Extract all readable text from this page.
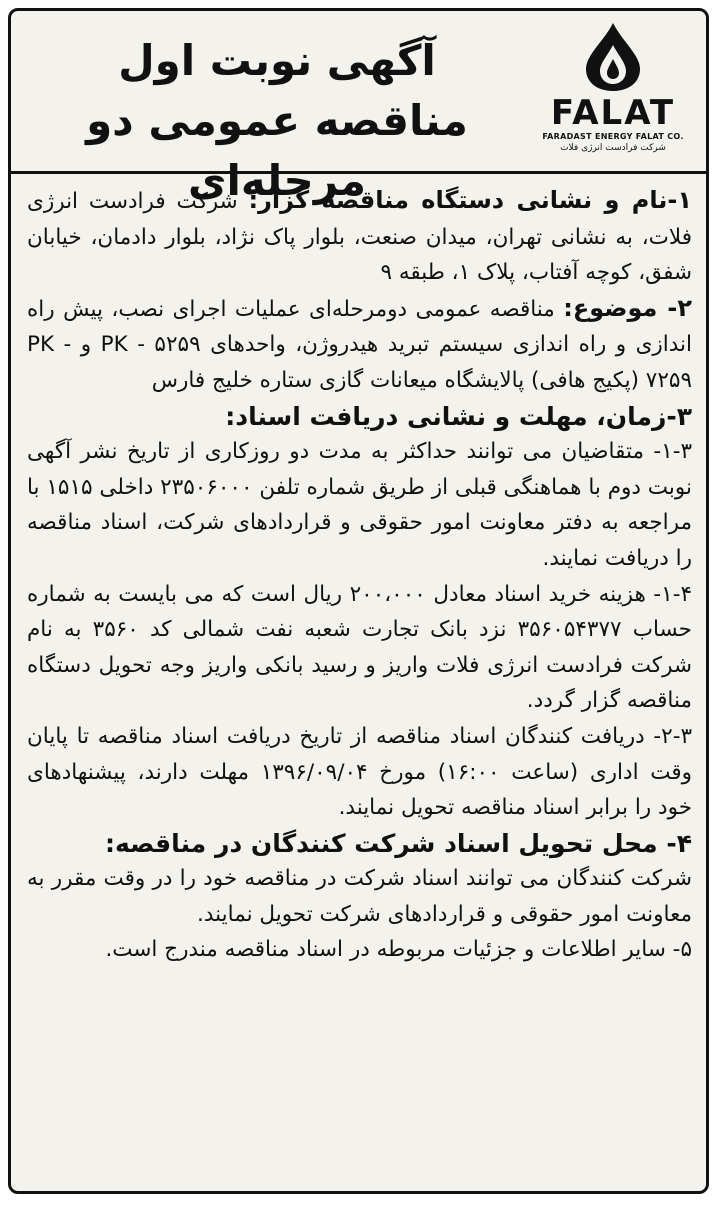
FALAT
FARADAST ENERGY FALAT CO.
شرکت فرادست انرژی فلات
آگهی نوبت اول
مناقصه عمومی دو مرحله‌ای

۱-نام و نشانی دستگاه مناقصه گزار: شرکت فرادست انرژی فلات، به نشانی تهران، میدان صنعت، بلوار پاک نژاد، بلوار دادمان، خیابان شفق، کوچه آفتاب، پلاک ۱، طبقه ۹

۲- موضوع: مناقصه عمومی دومرحله‌ای عملیات اجرای نصب، پیش راه اندازی و راه اندازی سیستم تبرید هیدروژن، واحدهای PK - ۵۲۵۹ و PK - ۷۲۵۹ (پکیج هافی) پالایشگاه میعانات گازی ستاره خلیج فارس

۳-زمان، مهلت و نشانی دریافت اسناد:

۱-۳- متقاضیان می توانند حداکثر به مدت دو روزکاری از تاریخ نشر آگهی نوبت دوم با هماهنگی قبلی از طریق شماره تلفن ۲۳۵۰۶۰۰۰ داخلی ۱۵۱۵ با مراجعه به دفتر معاونت امور حقوقی و قراردادهای شرکت، اسناد مناقصه را دریافت نمایند.

۱-۴- هزینه خرید اسناد معادل ۲۰۰،۰۰۰ ریال است که می بایست به شماره حساب ۳۵۶۰۵۴۳۷۷ نزد بانک تجارت شعبه نفت شمالی کد ۳۵۶۰ به نام شرکت فرادست انرژی فلات واریز و رسید بانکی واریز وجه تحویل دستگاه مناقصه گزار گردد.

۲-۳- دریافت کنندگان اسناد مناقصه از تاریخ دریافت اسناد مناقصه تا پایان وقت اداری (ساعت ۱۶:۰۰) مورخ ۱۳۹۶/۰۹/۰۴ مهلت دارند، پیشنهادهای خود را برابر اسناد مناقصه تحویل نمایند.

۴- محل تحویل اسناد شرکت کنندگان در مناقصه:

شرکت کنندگان می توانند اسناد شرکت در مناقصه خود را در وقت مقرر به معاونت امور حقوقی و قراردادهای شرکت تحویل نمایند.

۵- سایر اطلاعات و جزئیات مربوطه در اسناد مناقصه مندرج است.
